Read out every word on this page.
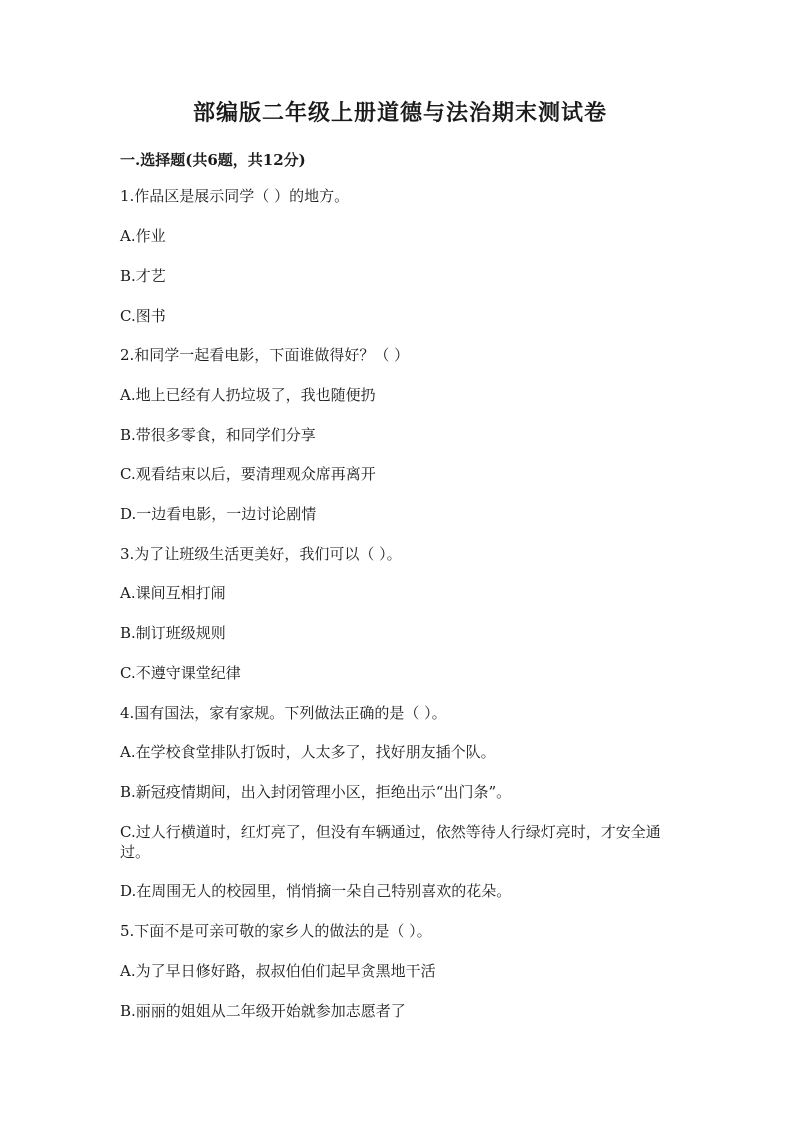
部编版二年级上册道德与法治期末测试卷
一.选择题(共6题，共12分)
1.作品区是展示同学（ ）的地方。
A.作业
B.才艺
C.图书
2.和同学一起看电影，下面谁做得好？（ ）
A.地上已经有人扔垃圾了，我也随便扔
B.带很多零食，和同学们分享
C.观看结束以后，要清理观众席再离开
D.一边看电影，一边讨论剧情
3.为了让班级生活更美好，我们可以（ ）。
A.课间互相打闹
B.制订班级规则
C.不遵守课堂纪律
4.国有国法，家有家规。下列做法正确的是（ ）。
A.在学校食堂排队打饭时，人太多了，找好朋友插个队。
B.新冠疫情期间，出入封闭管理小区，拒绝出示“出门条”。
C.过人行横道时，红灯亮了，但没有车辆通过，依然等待人行绿灯亮时，才安全通过。
D.在周围无人的校园里，悄悄摘一朵自己特别喜欢的花朵。
5.下面不是可亲可敬的家乡人的做法的是（ ）。
A.为了早日修好路，叔叔伯伯们起早贪黑地干活
B.丽丽的姐姐从二年级开始就参加志愿者了
